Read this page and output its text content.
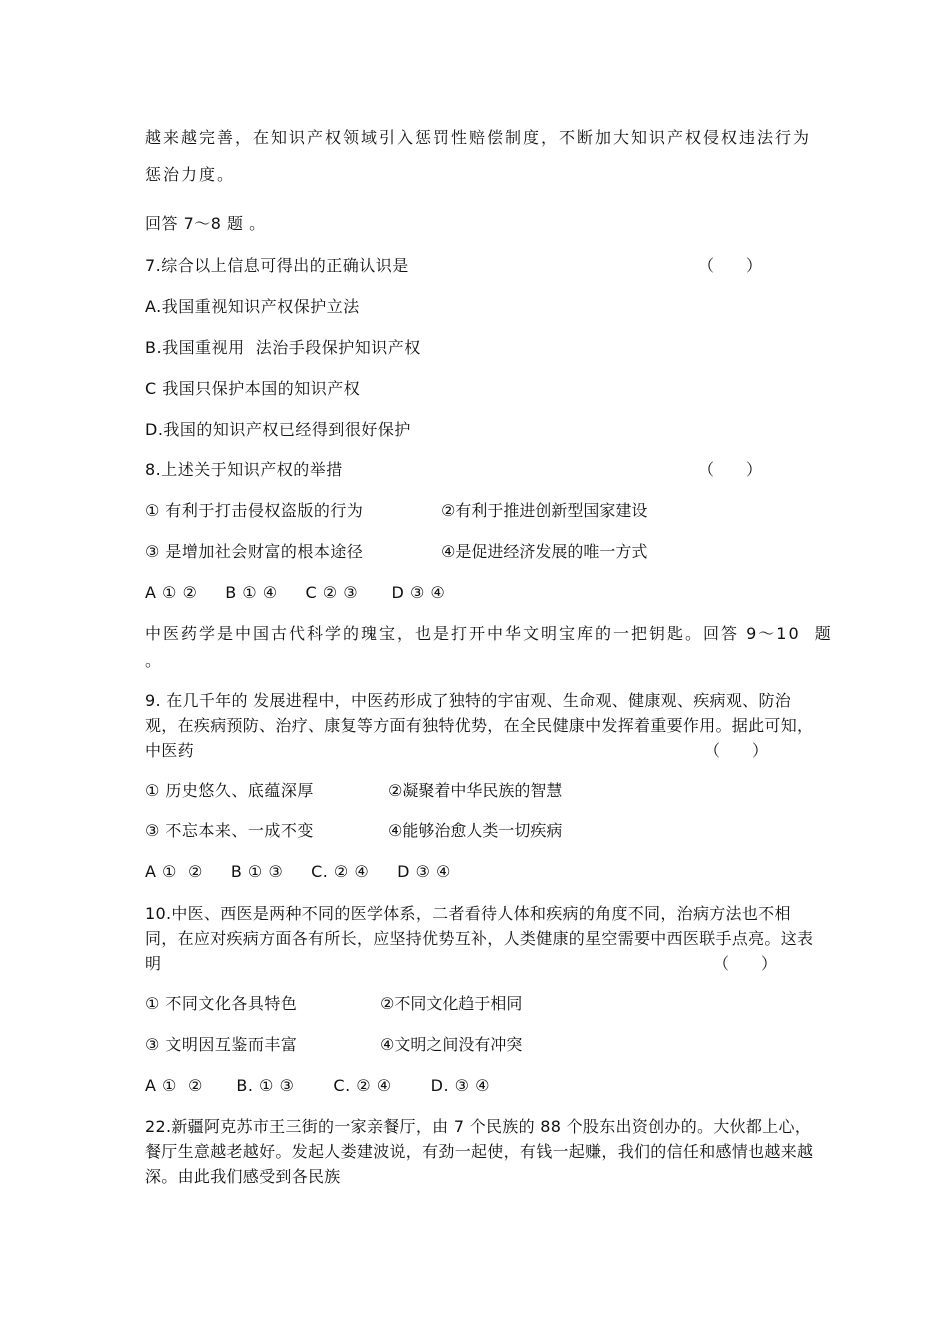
越来越完善，在知识产权领域引入惩罚性赔偿制度，不断加大知识产权侵权违法行为
惩治力度。
回答 7～8 题 。
7.综合以上信息可得出的正确认识是	（　　）
A.我国重视知识产权保护立法
B.我国重视用  法治手段保护知识产权
C 我国只保护本国的知识产权
D.我国的知识产权已经得到很好保护
8.上述关于知识产权的举措	（　　）
① 有利于打击侵权盗版的行为	②有利于推进创新型国家建设
③ 是增加社会财富的根本途径	④是促进经济发展的唯一方式
A ① ②     B ① ④     C ② ③      D ③ ④
中医药学是中国古代科学的瑰宝，也是打开中华文明宝库的一把钥匙。回答 9～10  题
。
9. 在几千年的 发展进程中，中医药形成了独特的宇宙观、生命观、健康观、疾病观、防治观，在疾病预防、治疗、康复等方面有独特优势，在全民健康中发挥着重要作用。据此可知，中医药	（　　）
① 历史悠久、底蕴深厚	②凝聚着中华民族的智慧
③ 不忘本来、一成不变	④能够治愈人类一切疾病
A ①  ②     B ① ③     C. ② ④     D ③ ④
10.中医、西医是两种不同的医学体系，二者看待人体和疾病的角度不同，治病方法也不相同，在应对疾病方面各有所长，应坚持优势互补，人类健康的星空需要中西医联手点亮。这表明	（　　）
① 不同文化各具特色	②不同文化趋于相同
③ 文明因互鉴而丰富	④文明之间没有冲突
A ①  ②      B. ① ③       C. ② ④       D. ③ ④
22.新疆阿克苏市王三街的一家亲餐厅，由 7 个民族的 88 个股东出资创办的。大伙都上心，餐厅生意越老越好。发起人娄建波说，有劲一起使，有钱一起赚，我们的信任和感情也越来越深。由此我们感受到各民族
